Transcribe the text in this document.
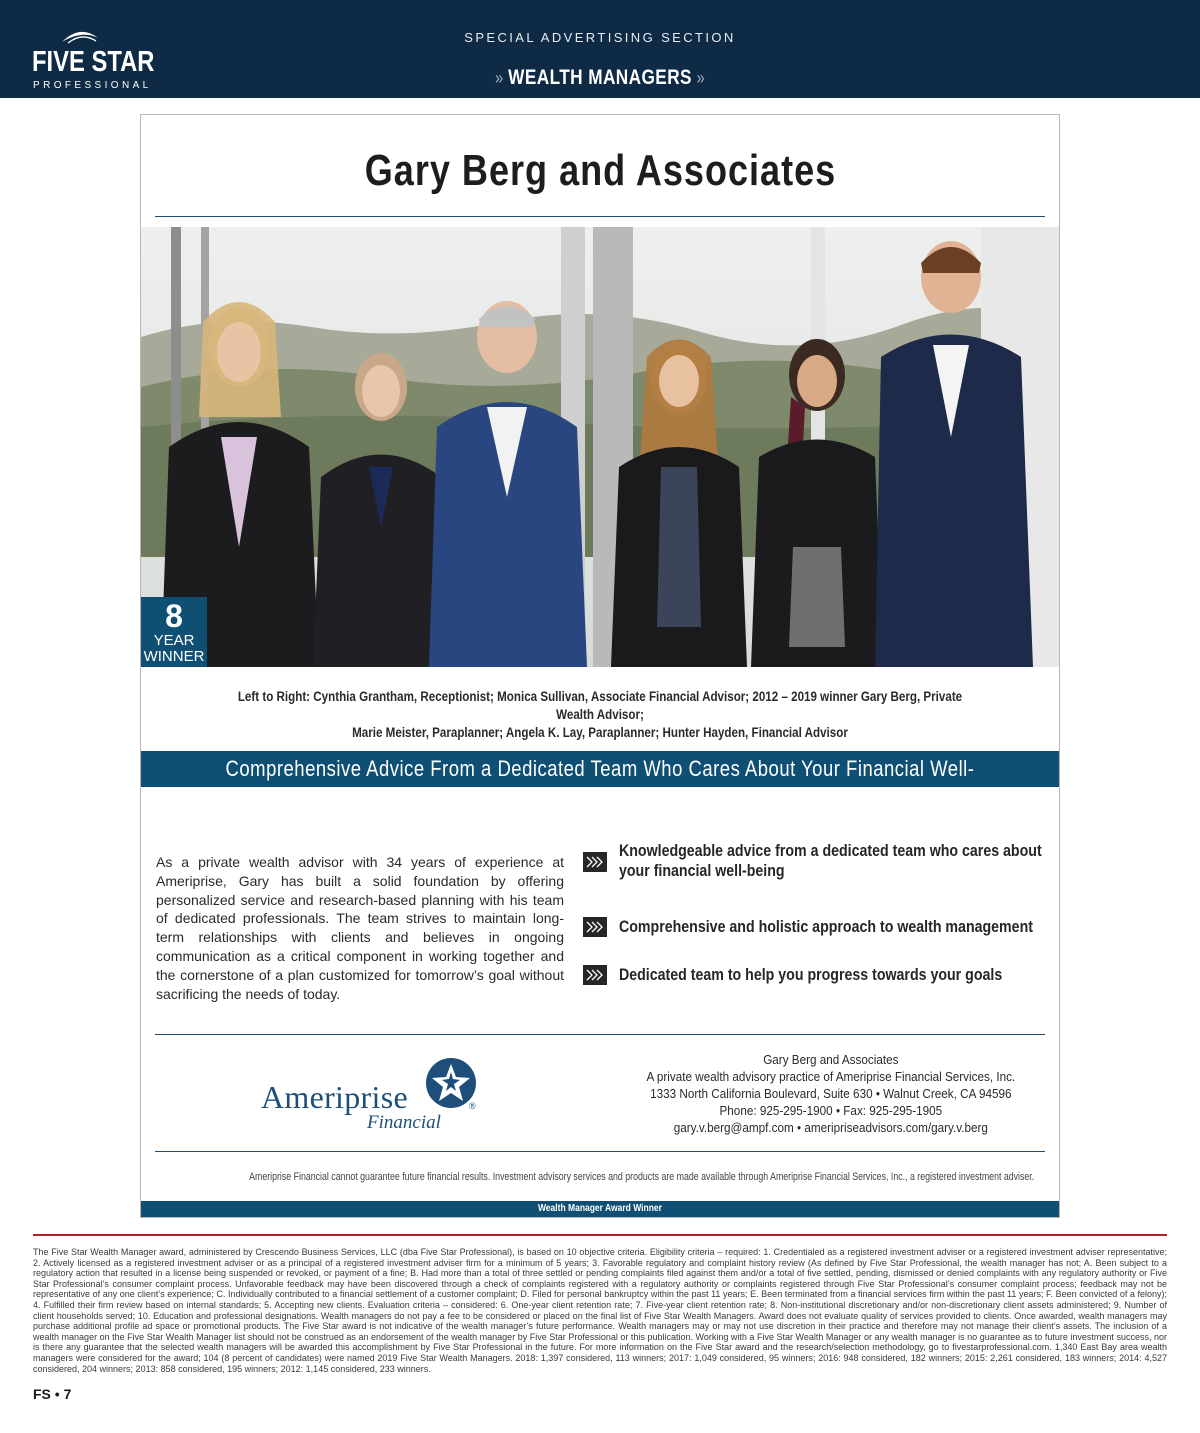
FIVE STAR
PROFESSIONAL
SPECIAL ADVERTISING SECTION
» WEALTH MANAGERS »
Gary Berg and Associates
8
YEAR
WINNER
Left to Right: Cynthia Grantham, Receptionist; Monica Sullivan, Associate Financial Advisor; 2012 – 2019 winner Gary Berg, Private Wealth Advisor;
Marie Meister, Paraplanner; Angela K. Lay, Paraplanner; Hunter Hayden, Financial Advisor
Comprehensive Advice From a Dedicated Team Who Cares About Your Financial Well-Being
As a private wealth advisor with 34 years of experience at Ameriprise, Gary has built a solid foundation by offering personalized service and research-based planning with his team of dedicated professionals. The team strives to maintain long-term relationships with clients and believes in ongoing communication as a critical component in working together and the cornerstone of a plan customized for tomorrow’s goal without sacrificing the needs of today.
Knowledgeable advice from a dedicated team who cares about
your financial well-being
Comprehensive and holistic approach to wealth management
Dedicated team to help you progress towards your goals
Ameriprise	®
Financial
Gary Berg and Associates
A private wealth advisory practice of Ameriprise Financial Services, Inc.
1333 North California Boulevard, Suite 630 • Walnut Creek, CA 94596
Phone: 925-295-1900 • Fax: 925-295-1905
gary.v.berg@ampf.com • ameripriseadvisors.com/gary.v.berg
Ameriprise Financial cannot guarantee future financial results. Investment advisory services and products are made available through Ameriprise Financial Services, Inc., a registered investment adviser.
Wealth Manager Award Winner
The Five Star Wealth Manager award, administered by Crescendo Business Services, LLC (dba Five Star Professional), is based on 10 objective criteria. Eligibility criteria – required: 1. Credentialed as a registered investment adviser or a registered investment adviser representative; 2. Actively licensed as a registered investment adviser or as a principal of a registered investment adviser firm for a minimum of 5 years; 3. Favorable regulatory and complaint history review (As defined by Five Star Professional, the wealth manager has not; A. Been subject to a regulatory action that resulted in a license being suspended or revoked, or payment of a fine; B. Had more than a total of three settled or pending complaints filed against them and/or a total of five settled, pending, dismissed or denied complaints with any regulatory authority or Five Star Professional’s consumer complaint process. Unfavorable feedback may have been discovered through a check of complaints registered with a regulatory authority or complaints registered through Five Star Professional’s consumer complaint process; feedback may not be representative of any one client’s experience; C. Individually contributed to a financial settlement of a customer complaint; D. Filed for personal bankruptcy within the past 11 years; E. Been terminated from a financial services firm within the past 11 years; F. Been convicted of a felony); 4. Fulfilled their firm review based on internal standards; 5. Accepting new clients. Evaluation criteria – considered: 6. One-year client retention rate; 7. Five-year client retention rate; 8. Non-institutional discretionary and/or non-discretionary client assets administered; 9. Number of client households served; 10. Education and professional designations. Wealth managers do not pay a fee to be considered or placed on the final list of Five Star Wealth Managers. Award does not evaluate quality of services provided to clients. Once awarded, wealth managers may purchase additional profile ad space or promotional products. The Five Star award is not indicative of the wealth manager’s future performance. Wealth managers may or may not use discretion in their practice and therefore may not manage their client’s assets. The inclusion of a wealth manager on the Five Star Wealth Manager list should not be construed as an endorsement of the wealth manager by Five Star Professional or this publication. Working with a Five Star Wealth Manager or any wealth manager is no guarantee as to future investment success, nor is there any guarantee that the selected wealth managers will be awarded this accomplishment by Five Star Professional in the future. For more information on the Five Star award and the research/selection methodology, go to fivestarprofessional.com. 1,340 East Bay area wealth managers were considered for the award; 104 (8 percent of candidates) were named 2019 Five Star Wealth Managers. 2018: 1,397 considered, 113 winners; 2017: 1,049 considered, 95 winners; 2016: 948 considered, 182 winners; 2015: 2,261 considered, 183 winners; 2014: 4,527 considered, 204 winners; 2013: 858 considered, 195 winners; 2012: 1,145 considered, 233 winners.
FS • 7
